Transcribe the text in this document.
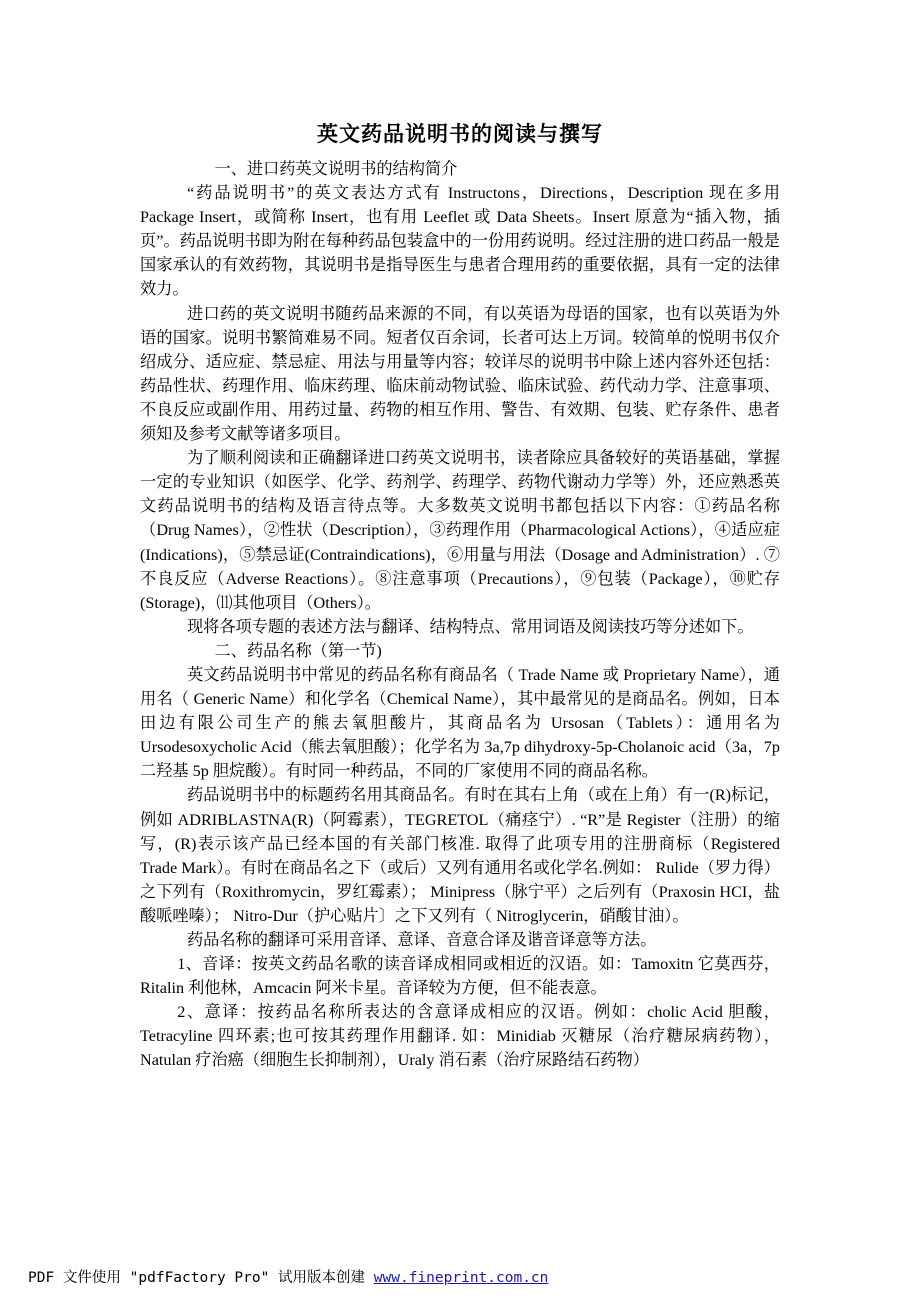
英文药品说明书的阅读与撰写

一、进口药英文说明书的结构简介

“药品说明书”的英文表达方式有 Instructons，Directions，Description 现在多用 Package Insert，或简称 Insert，也有用 Leeflet 或 Data Sheets。Insert 原意为“插入物，插页”。药品说明书即为附在每种药品包装盒中的一份用药说明。经过注册的进口药品一般是国家承认的有效药物，其说明书是指导医生与患者合理用药的重要依据，具有一定的法律效力。

进口药的英文说明书随药品来源的不同，有以英语为母语的国家，也有以英语为外语的国家。说明书繁简难易不同。短者仅百余词，长者可达上万词。较简单的悦明书仅介绍成分、适应症、禁忌症、用法与用量等内容；较详尽的说明书中除上述内容外还包括：药品性状、药理作用、临床药理、临床前动物试验、临床试验、药代动力学、注意事项、不良反应或副作用、用药过量、药物的相互作用、警告、有效期、包装、贮存条件、患者须知及参考文献等诸多项目。

为了顺利阅读和正确翻译进口药英文说明书，读者除应具备较好的英语基础，掌握一定的专业知识（如医学、化学、药剂学、药理学、药物代谢动力学等）外，还应熟悉英文药品说明书的结构及语言待点等。大多数英文说明书都包括以下内容：①药品名称（Drug Names），②性状（Description），③药理作用（Pharmacological Actions），④适应症(Indications)，⑤禁忌证(Contraindications)，⑥用量与用法（Dosage and Administration）. ⑦不良反应（Adverse Reactions）。⑧注意事项（Precautions），⑨包装（Package），⑩贮存(Storage)，⑾其他项目（Others）。

现将各项专题的表述方法与翻译、结构特点、常用词语及阅读技巧等分述如下。

二、药品名称（第一节)

英文药品说明书中常见的药品名称有商品名（ Trade Name 或 Proprietary Name），通用名（ Generic Name）和化学名（Chemical Name），其中最常见的是商品名。例如，日本田边有限公司生产的熊去氧胆酸片，其商品名为 Ursosan（Tablets）：通用名为 Ursodesoxycholic Acid（熊去氧胆酸）；化学名为 3a,7p dihydroxy-5p-Cholanoic acid（3a，7p 二羟基 5p 胆烷酸）。有时同一种药品，不同的厂家使用不同的商品名称。

药品说明书中的标题药名用其商品名。有时在其右上角（或在上角）有一(R)标记，例如 ADRIBLASTNA(R)（阿霉素），TEGRETOL（痛痉宁）. “R”是 Register（注册）的缩写，(R)表示该产品已经本国的有关部门核准. 取得了此项专用的注册商标（Registered Trade Mark）。有时在商品名之下（或后）又列有通用名或化学名.例如： Rulide（罗力得）之下列有（Roxithromycin，罗红霉素）； Minipress（脉宁平）之后列有（Praxosin HCI，盐酸哌唑嗪）； Nitro-Dur（护心贴片〕之下又列有（ Nitroglycerin，硝酸甘油）。

药品名称的翻译可采用音译、意译、音意合译及谐音译意等方法。

1、音译：按英文药品名歌的读音译成相同或相近的汉语。如：Tamoxitn 它莫西芬，Ritalin 利他林，Amcacin 阿米卡星。音译较为方便，但不能表意。

2、意译：按药品名称所表达的含意译成相应的汉语。例如：cholic Acid 胆酸，Tetracyline 四环素;也可按其药理作用翻译. 如：Minidiab 灭糖尿（治疗糖尿病药物），Natulan 疗治癌（细胞生长抑制剂），Uraly 消石素（治疗尿路结石药物）

PDF 文件使用 "pdfFactory Pro" 试用版本创建 www.fineprint.com.cn
